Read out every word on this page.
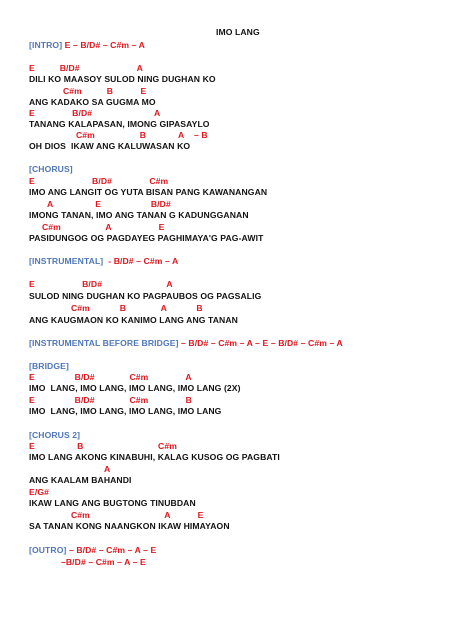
IMO LANG
[INTRO] E – B/D# – C#m – A
E          B/D#                       A
DILI KO MAASOY SULOD NING DUGHAN KO
C#m          B           E
ANG KADAKO SA GUGMA MO
E               B/D#                         A
TANANG KALAPASAN, IMONG GIPASAYLO
C#m                  B             A    – B
OH DIOS  IKAW ANG KALUWASAN KO
[CHORUS]
E                       B/D#               C#m
IMO ANG LANGIT OG YUTA BISAN PANG KAWANANGAN
A                 E                    B/D#
IMONG TANAN, IMO ANG TANAN G KADUNGGANAN
C#m                  A                   E
PASIDUNGOG OG PAGDAYEG PAGHIMAYA'G PAG-AWIT
[INSTRUMENTAL]  - B/D# – C#m – A
E                   B/D#                          A
SULOD NING DUGHAN KO PAGPAUBOS OG PAGSALIG
C#m            B              A            B
ANG KAUGMAON KO KANIMO LANG ANG TANAN
[INSTRUMENTAL BEFORE BRIDGE] – B/D# – C#m – A – E – B/D# – C#m – A
[BRIDGE]
E                B/D#              C#m               A
IMO  LANG, IMO LANG, IMO LANG, IMO LANG (2X)
E                B/D#              C#m               B
IMO  LANG, IMO LANG, IMO LANG, IMO LANG
[CHORUS 2]
E                 B                              C#m
IMO LANG AKONG KINABUHI, KALAG KUSOG OG PAGBATI
A
ANG KAALAM BAHANDI
E/G#
IKAW LANG ANG BUGTONG TINUBDAN
C#m                              A           E
SA TANAN KONG NAANGKON IKAW HIMAYAON
[OUTRO] – B/D# – C#m – A – E
–B/D# – C#m – A – E
